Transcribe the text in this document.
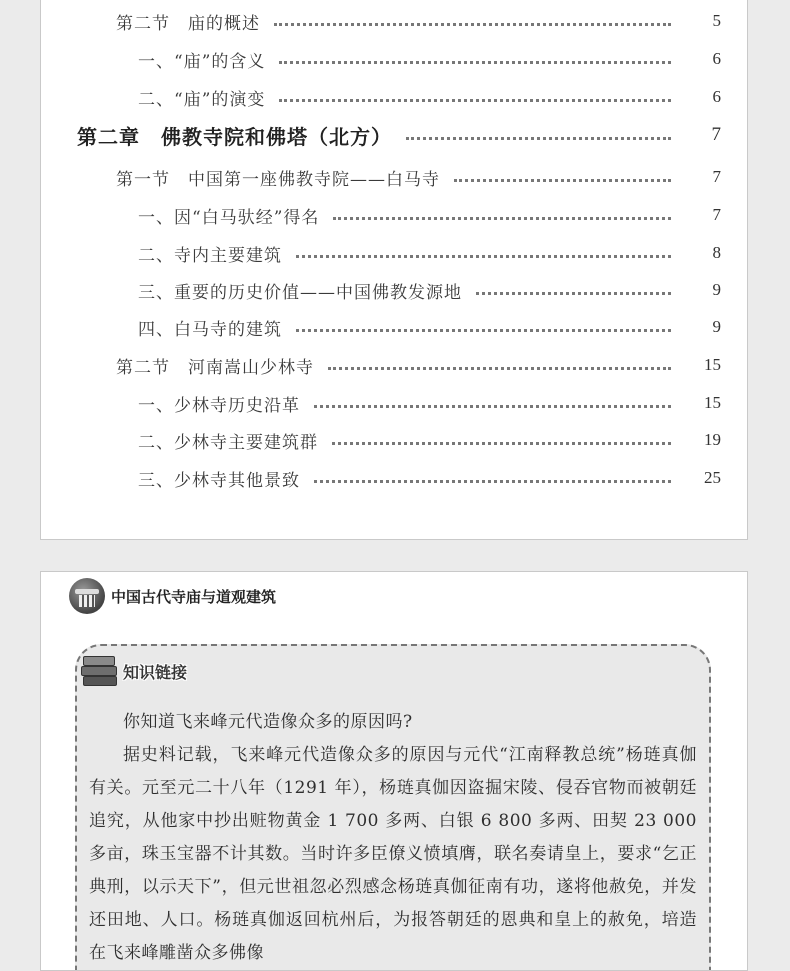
第二节　庙的概述	5
一、“庙”的含义	6
二、“庙”的演变	6
第二章　佛教寺院和佛塔（北方）	7
第一节　中国第一座佛教寺院——白马寺	7
一、因“白马驮经”得名	7
二、寺内主要建筑	8
三、重要的历史价值——中国佛教发源地	9
四、白马寺的建筑	9
第二节　河南嵩山少林寺	15
一、少林寺历史沿革	15
二、少林寺主要建筑群	19
三、少林寺其他景致	25
中国古代寺庙与道观建筑
知识链接
你知道飞来峰元代造像众多的原因吗?
据史料记载，飞来峰元代造像众多的原因与元代“江南释教总统”杨琏真伽有关。元至元二十八年（1291 年），杨琏真伽因盗掘宋陵、侵吞官物而被朝廷追究，从他家中抄出赃物黄金 1 700 多两、白银 6 800 多两、田契 23 000 多亩，珠玉宝器不计其数。当时许多臣僚义愤填膺，联名奏请皇上，要求“乞正典刑，以示天下”，但元世祖忽必烈感念杨琏真伽征南有功，遂将他赦免，并发还田地、人口。杨琏真伽返回杭州后，为报答朝廷的恩典和皇上的赦免，培造在飞来峰雕凿众多佛像
